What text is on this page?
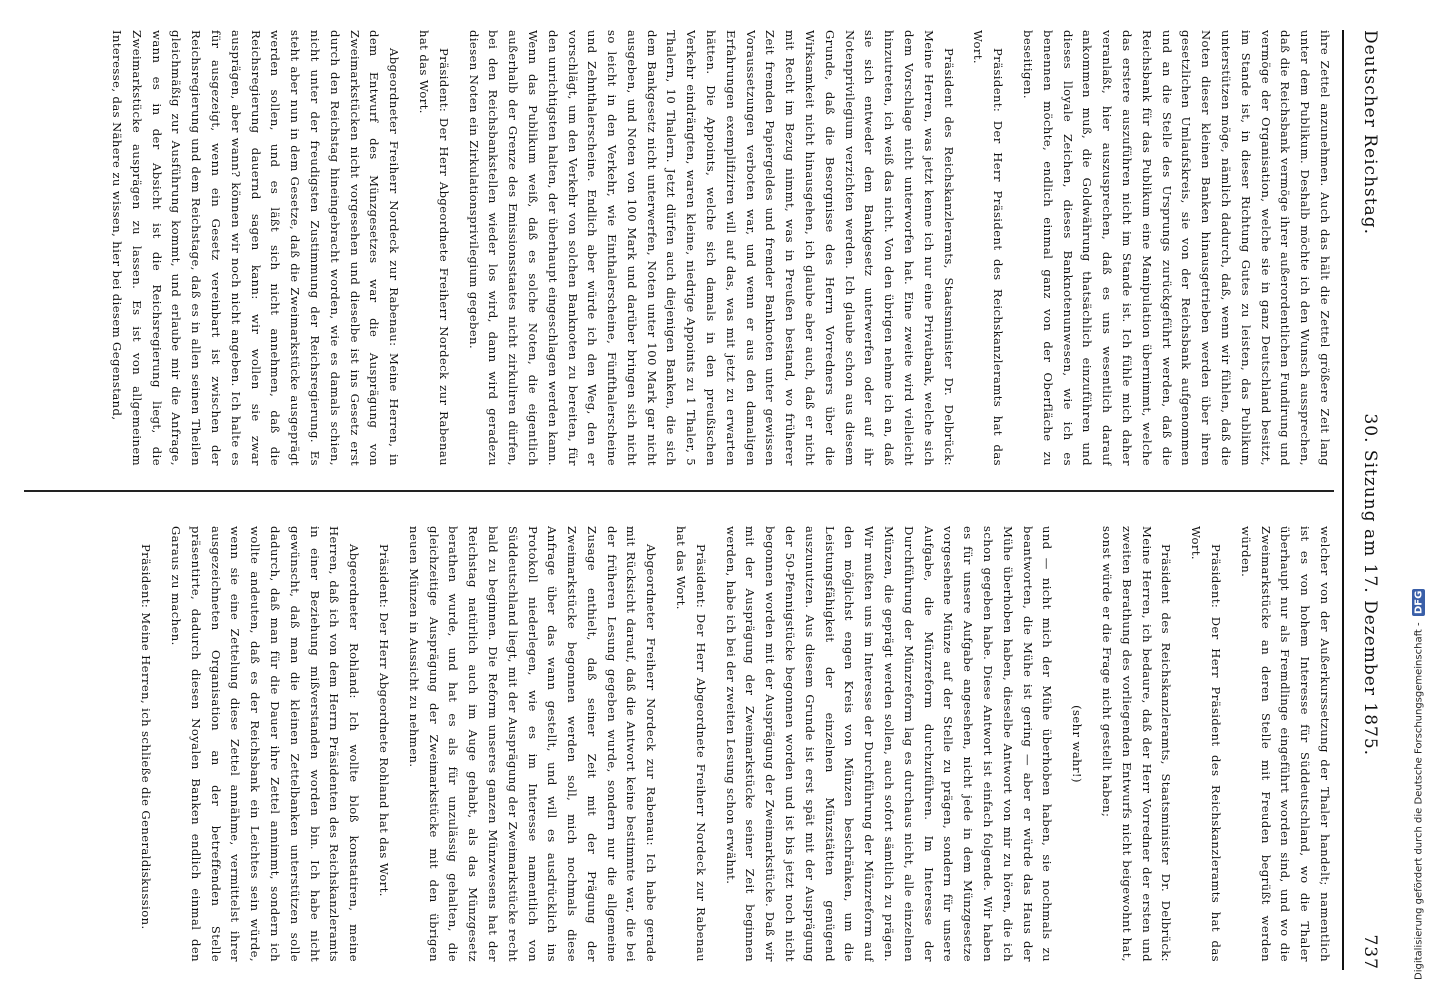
Deutscher Reichstag.
30. Sitzung am 17. Dezember 1875.
737

ihre Zettel anzunehmen. Auch das hält die Zettel größere Zeit lang unter dem Publikum. Deshalb möchte ich den Wunsch aussprechen, daß die Reichsbank vermöge ihrer außerordentlichen Fundirung und vermöge der Organisation, welche sie in ganz Deutschland besitzt, im Stande ist, in dieser Richtung Gutes zu leisten, das Publikum unterstützen möge, nämlich dadurch, daß, wenn wir fühlen, daß die Noten dieser kleinen Banken hinausgetrieben werden über ihren gesetzlichen Umlaufskreis, sie von der Reichsbank aufgenommen und an die Stelle des Ursprungs zurückgeführt werden, daß die Reichsbank für das Publikum eine Manipulation übernimmt, welche das erstere auszuführen nicht im Stande ist. Ich fühle mich daher veranlaßt, hier auszusprechen, daß es uns wesentlich darauf ankommen muß, die Goldwährung thatsächlich einzuführen und dieses lloyale Zeichen, dieses Banknotenunwesen, wie ich es benennen möchte, endlich einmal ganz von der Oberfläche zu beseitigen.

Präsident: Der Herr Präsident des Reichskanzleramts hat das Wort.

Präsident des Reichskanzleramts, Staatsminister Dr. Delbrück: Meine Herren, was jetzt kenne ich nur eine Privatbank, welche sich dem Vorschlage nicht unterworfen hat. Eine zweite wird vielleicht hinzutreten, ich weiß das nicht. Von den übrigen nehme ich an, daß sie sich entweder dem Bankgesetz unterwerfen oder auf ihr Notenprivilegium verzichten werden. Ich glaube schon aus diesem Grunde, daß die Besorgnisse des Herrn Vorredners über die Wirksamkeit nicht hinausgehen, ich glaube aber auch, daß er nicht mit Recht im Bezug nimmt, was in Preußen bestand, wo früherer Zeit fremden Papiergeldes und fremder Banknoten unter gewissen Voraussetzungen verboten war, und wenn er aus den damaligen Erfahrungen exemplifiziren will auf das, was mit jetzt zu erwarten hätten. Die Appoints, welche sich damals in den preußischen Verkehr eindrängten, waren kleine, niedrige Appoints zu 1 Thaler, 5 Thalern, 10 Thalern. Jetzt dürfen auch diejenigen Banken, die sich dem Bankgesetz nicht unterwerfen, Noten unter 100 Mark gar nicht ausgeben, und Noten von 100 Mark und darüber bringen sich nicht so leicht in den Verkehr, wie Einthalerscheine, Fünfthalerscheine und Zehnthalerscheine. Endlich aber würde ich den Weg, den er vorschlägt, um den Verkehr von solchen Banknoten zu bereiten, für den unrichtigsten halten, der überhaupt eingeschlagen werden kann. Wenn das Publikum weiß, daß es solche Noten, die eigentlich außerhalb der Grenze des Emissionsstaates nicht zirkuliren dürfen, bei den Reichsbankstellen wieder los wird, dann wird geradezu diesen Noten ein Zirkulationsprivilegium gegeben.

Präsident: Der Herr Abgeordnete Freiherr Nordeck zur Rabenau hat das Wort.

Abgeordneter Freiherr Nordeck zur Rabenau: Meine Herren, in dem Entwurf des Münzgesetzes war die Ausprägung von Zweimarkstücken nicht vorgesehen und dieselbe ist ins Gesetz erst durch den Reichstag hineingebracht worden, wie es damals schien, nicht unter der freudigsten Zustimmung der Reichsregierung. Es steht aber nun in dem Gesetze, daß die Zweimarkstücke ausgeprägt werden sollen, und es läßt sich nicht annehmen, daß die Reichsregierung dauernd sagen kann: wir wollen sie zwar ausprägen, aber wann? können wir noch nicht angeben. Ich halte es für ausgezeigt, wenn ein Gesetz vereinbart ist zwischen der Reichsregierung und dem Reichstage, daß es in allen seinen Theilen gleichmäßig zur Ausführung kommt, und erlaube mir die Anfrage, wann es in der Absicht ist die Reichsregierung liegt, die Zweimarkstücke ausprägen zu lassen. Es ist von allgemeinem Interesse, das Nähere zu wissen, hier bei diesem Gegenstand,

welcher von der Außerkurssetzung der Thaler handelt; namentlich ist es von hohem Interesse für Süddeutschland, wo die Thaler überhaupt nur als Fremdlinge eingeführt worden sind, und wo die Zweimarkstücke an deren Stelle mit Freuden begrüßt werden würden.

Präsident: Der Herr Präsident des Reichskanzleramts hat das Wort.

Präsident des Reichskanzleramts, Staatsminister Dr. Delbrück: Meine Herren, ich bedaure, daß der Herr Vorredner der ersten und zweiten Berathung des vorliegenden Entwurfs nicht beigewohnt hat, sonst würde er die Frage nicht gestellt haben;

(sehr wahr!)

und — nicht mich der Mühe überhoben haben, sie nochmals zu beantworten, die Mühe ist gering — aber er würde das Haus der Mühe überhoben haben, dieselbe Antwort von mir zu hören, die ich schon gegeben habe. Diese Antwort ist einfach folgende. Wir haben es für unsere Aufgabe angesehen, nicht jede in dem Münzgesetze vorgesehene Münze auf der Stelle zu prägen, sondern für unsere Aufgabe, die Münzreform durchzuführen. Im Interesse der Durchführung der Münzreform lag es durchaus nicht, alle einzelnen Münzen, die geprägt werden sollen, auch sofort sämtlich zu prägen. Wir mußten uns im Interesse der Durchführung der Münzreform auf den möglichst engen Kreis von Münzen beschränken, um die Leistungsfähigkeit der einzelnen Münzstätten genügend auszunutzen. Aus diesem Grunde ist erst spät mit der Ausprägung der 50-Pfennigstücke begonnen worden und ist bis jetzt noch nicht begonnen worden mit der Ausprägung der Zweimarkstücke. Daß wir mit der Ausprägung der Zweimarkstücke seiner Zeit beginnen werden, habe ich bei der zweiten Lesung schon erwähnt.

Präsident: Der Herr Abgeordnete Freiherr Nordeck zur Rabenau hat das Wort.

Abgeordneter Freiherr Nordeck zur Rabenau: Ich habe gerade mit Rücksicht darauf, daß die Antwort keine bestimmte war, die bei der früheren Lesung gegeben wurde, sondern nur die allgemeine Zusage enthielt, daß seiner Zeit mit der Prägung der Zweimarkstücke begonnen werden soll, mich nochmals diese Anfrage über das wann gestellt, und will es ausdrücklich ins Protokoll niederlegen, wie es im Interesse namentlich von Süddeutschland liegt, mit der Ausprägung der Zweimarkstücke recht bald zu beginnen. Die Reform unseres ganzen Münzwesens hat der Reichstag natürlich auch im Auge gehabt, als das Münzgesetz berathen wurde, und hat es als für unzulässig gehalten, die gleichzeitige Ausprägung der Zweimarkstücke mit den übrigen neuen Münzen in Aussicht zu nehmen.

Präsident: Der Herr Abgeordnete Rohland hat das Wort.

Abgeordneter Rohland: Ich wollte bloß konstatiren, meine Herren, daß ich von dem Herrn Präsidenten des Reichskanzleramts in einer Beziehung mißverstanden worden bin. Ich habe nicht gewünscht, daß man die kleinen Zettelbanken unterstützen solle dadurch, daß man für die Dauer ihre Zettel annimmt, sondern ich wollte andeuten, daß es der Reichsbank ein Leichtes sein würde, wenn sie eine Zettelung diese Zettel annähme, vermittelst ihrer ausgezeichneten Organisation an der betreffenden Stelle präsentirte, dadurch diesen Noyalen Banken endlich einmal den Garaus zu machen.

Präsident: Meine Herren, ich schließe die Generaldiskussion.	Digitalisierung gefördert durch die Deutsche Forschungsgemeinschaft -
DFG
